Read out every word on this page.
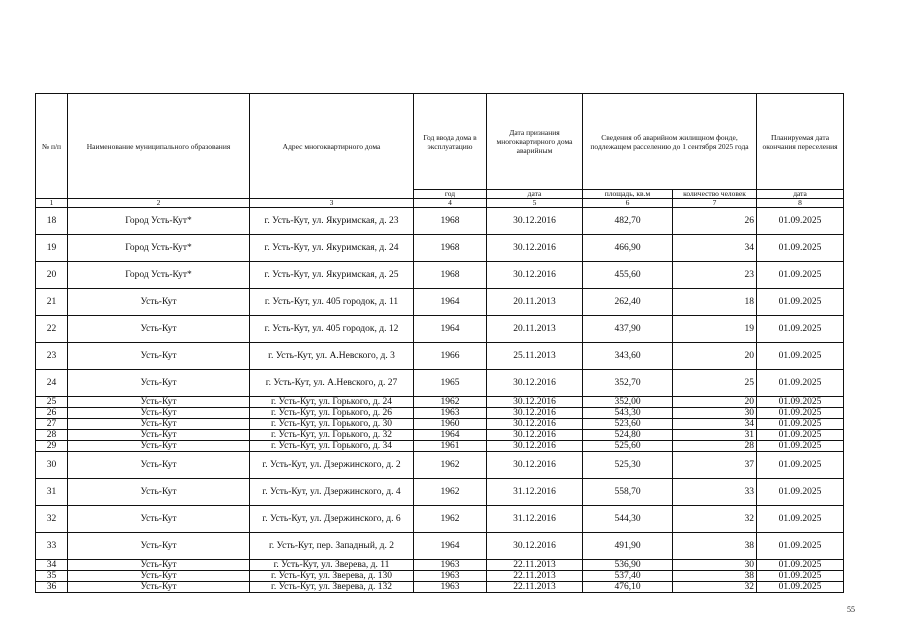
№ п/п	Наименование муниципального образования	Адрес многоквартирного дома	Год ввода дома в эксплуатацию	Дата признания многоквартирного дома аварийным	Сведения об аварийном жилищном фонде, подлежащем расселению до 1 сентября 2025 года		Планируемая дата окончания переселения
			год	дата	площадь, кв.м	количество человек	дата
1	2	3	4	5	6	7	8
18	Город Усть-Кут*	г. Усть-Кут, ул. Якуримская, д. 23	1968	30.12.2016	482,70	26	01.09.2025
19	Город Усть-Кут*	г. Усть-Кут, ул. Якуримская, д. 24	1968	30.12.2016	466,90	34	01.09.2025
20	Город Усть-Кут*	г. Усть-Кут, ул. Якуримская, д. 25	1968	30.12.2016	455,60	23	01.09.2025
21	Усть-Кут	г. Усть-Кут, ул. 405 городок, д. 11	1964	20.11.2013	262,40	18	01.09.2025
22	Усть-Кут	г. Усть-Кут, ул. 405 городок, д. 12	1964	20.11.2013	437,90	19	01.09.2025
23	Усть-Кут	г. Усть-Кут, ул. А.Невского, д. 3	1966	25.11.2013	343,60	20	01.09.2025
24	Усть-Кут	г. Усть-Кут, ул. А.Невского, д. 27	1965	30.12.2016	352,70	25	01.09.2025
25	Усть-Кут	г. Усть-Кут, ул. Горького, д. 24	1962	30.12.2016	352,00	20	01.09.2025
26	Усть-Кут	г. Усть-Кут, ул. Горького, д. 26	1963	30.12.2016	543,30	30	01.09.2025
27	Усть-Кут	г. Усть-Кут, ул. Горького, д. 30	1960	30.12.2016	523,60	34	01.09.2025
28	Усть-Кут	г. Усть-Кут, ул. Горького, д. 32	1964	30.12.2016	524,80	31	01.09.2025
29	Усть-Кут	г. Усть-Кут, ул. Горького, д. 34	1961	30.12.2016	525,60	28	01.09.2025
30	Усть-Кут	г. Усть-Кут, ул. Дзержинского, д. 2	1962	30.12.2016	525,30	37	01.09.2025
31	Усть-Кут	г. Усть-Кут, ул. Дзержинского, д. 4	1962	31.12.2016	558,70	33	01.09.2025
32	Усть-Кут	г. Усть-Кут, ул. Дзержинского, д. 6	1962	31.12.2016	544,30	32	01.09.2025
33	Усть-Кут	г. Усть-Кут, пер. Западный, д. 2	1964	30.12.2016	491,90	38	01.09.2025
34	Усть-Кут	г. Усть-Кут, ул. Зверева, д. 11	1963	22.11.2013	536,90	30	01.09.2025
35	Усть-Кут	г. Усть-Кут, ул. Зверева, д. 130	1963	22.11.2013	537,40	38	01.09.2025
36	Усть-Кут	г. Усть-Кут, ул. Зверева, д. 132	1963	22.11.2013	476,10	32	01.09.2025
55
